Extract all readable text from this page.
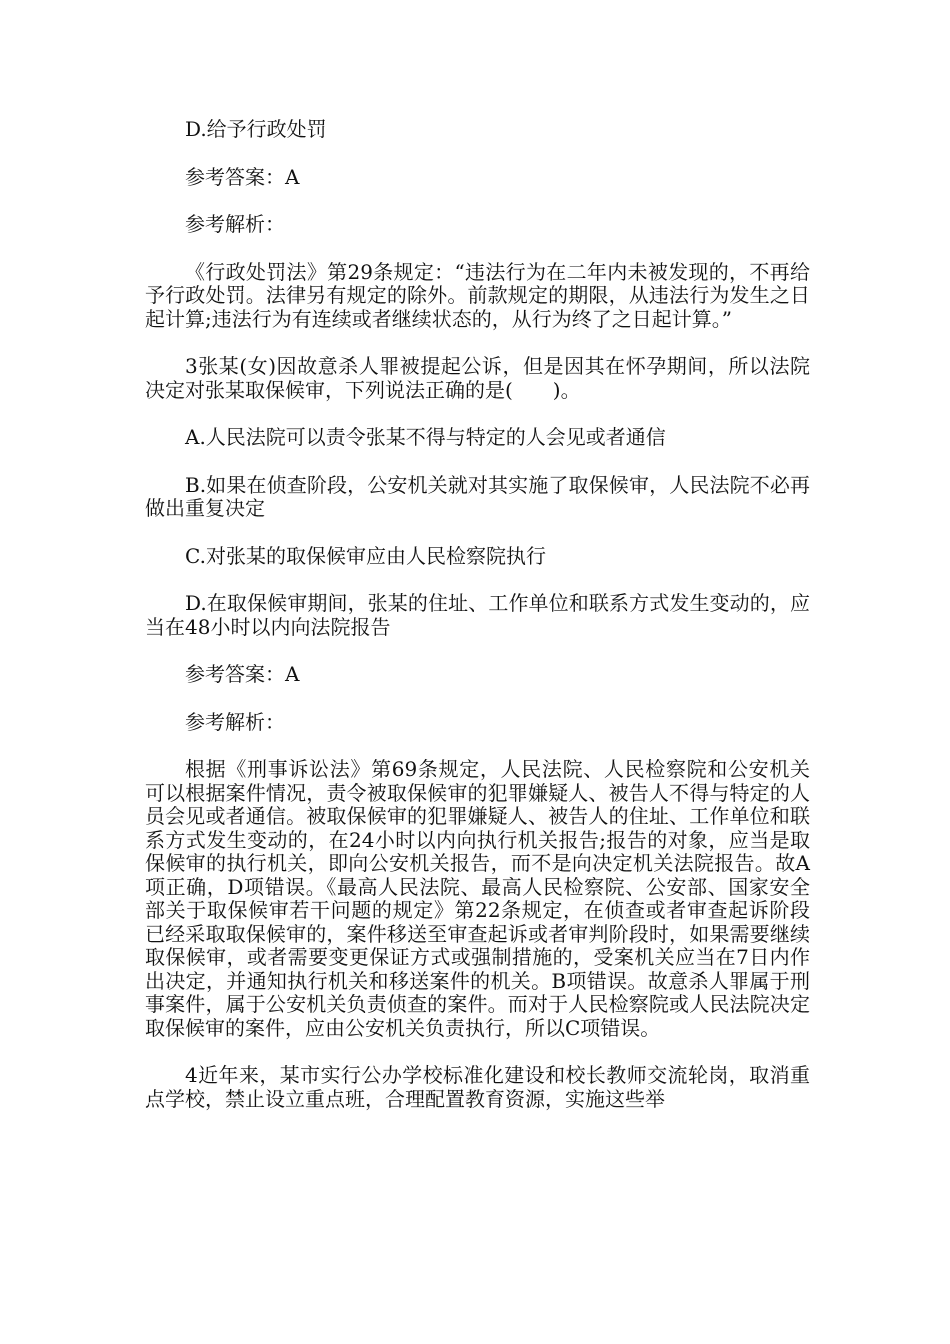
D.给予行政处罚

参考答案：A

参考解析：

《行政处罚法》第29条规定：“违法行为在二年内未被发现的，不再给予行政处罚。法律另有规定的除外。前款规定的期限，从违法行为发生之日起计算;违法行为有连续或者继续状态的，从行为终了之日起计算。”

3张某(女)因故意杀人罪被提起公诉，但是因其在怀孕期间，所以法院决定对张某取保候审，下列说法正确的是(　　)。

A.人民法院可以责令张某不得与特定的人会见或者通信

B.如果在侦查阶段，公安机关就对其实施了取保候审，人民法院不必再做出重复决定

C.对张某的取保候审应由人民检察院执行

D.在取保候审期间，张某的住址、工作单位和联系方式发生变动的，应当在48小时以内向法院报告

参考答案：A

参考解析：

根据《刑事诉讼法》第69条规定，人民法院、人民检察院和公安机关可以根据案件情况，责令被取保候审的犯罪嫌疑人、被告人不得与特定的人员会见或者通信。被取保候审的犯罪嫌疑人、被告人的住址、工作单位和联系方式发生变动的，在24小时以内向执行机关报告;报告的对象，应当是取保候审的执行机关，即向公安机关报告，而不是向决定机关法院报告。故A项正确，D项错误。《最高人民法院、最高人民检察院、公安部、国家安全部关于取保候审若干问题的规定》第22条规定，在侦查或者审查起诉阶段已经采取取保候审的，案件移送至审查起诉或者审判阶段时，如果需要继续取保候审，或者需要变更保证方式或强制措施的，受案机关应当在7日内作出决定，并通知执行机关和移送案件的机关。B项错误。故意杀人罪属于刑事案件，属于公安机关负责侦查的案件。而对于人民检察院或人民法院决定取保候审的案件，应由公安机关负责执行，所以C项错误。

4近年来，某市实行公办学校标准化建设和校长教师交流轮岗，取消重点学校，禁止设立重点班，合理配置教育资源，实施这些举
